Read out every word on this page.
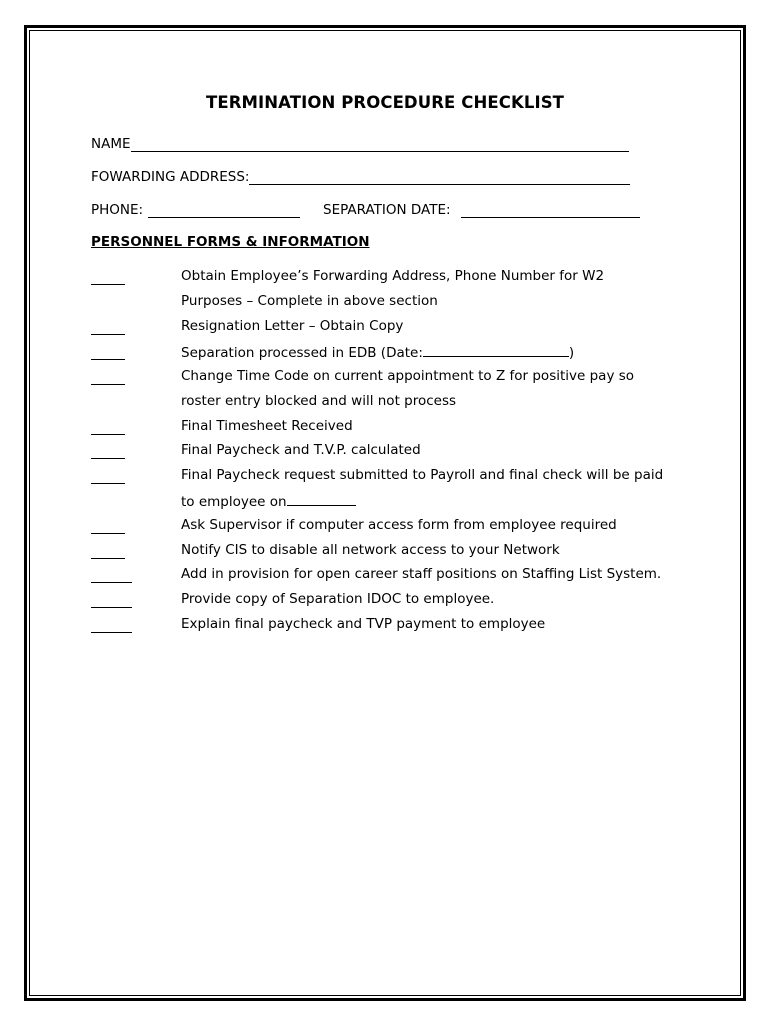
TERMINATION PROCEDURE CHECKLIST
NAME
FOWARDING ADDRESS:
PHONE:	SEPARATION DATE:
PERSONNEL FORMS & INFORMATION
Obtain Employee’s Forwarding Address, Phone Number for W2
Purposes – Complete in above section
Resignation Letter – Obtain Copy
Separation processed in EDB (Date:	)
Change Time Code on current appointment to Z for positive pay so
roster entry blocked and will not process
Final Timesheet Received
Final Paycheck and T.V.P. calculated
Final Paycheck request submitted to Payroll and final check will be paid
to employee on
Ask Supervisor if computer access form from employee required
Notify CIS to disable all network access to your Network
Add in provision for open career staff positions on Staffing List System.
Provide copy of Separation IDOC to employee.
Explain final paycheck and TVP payment to employee
